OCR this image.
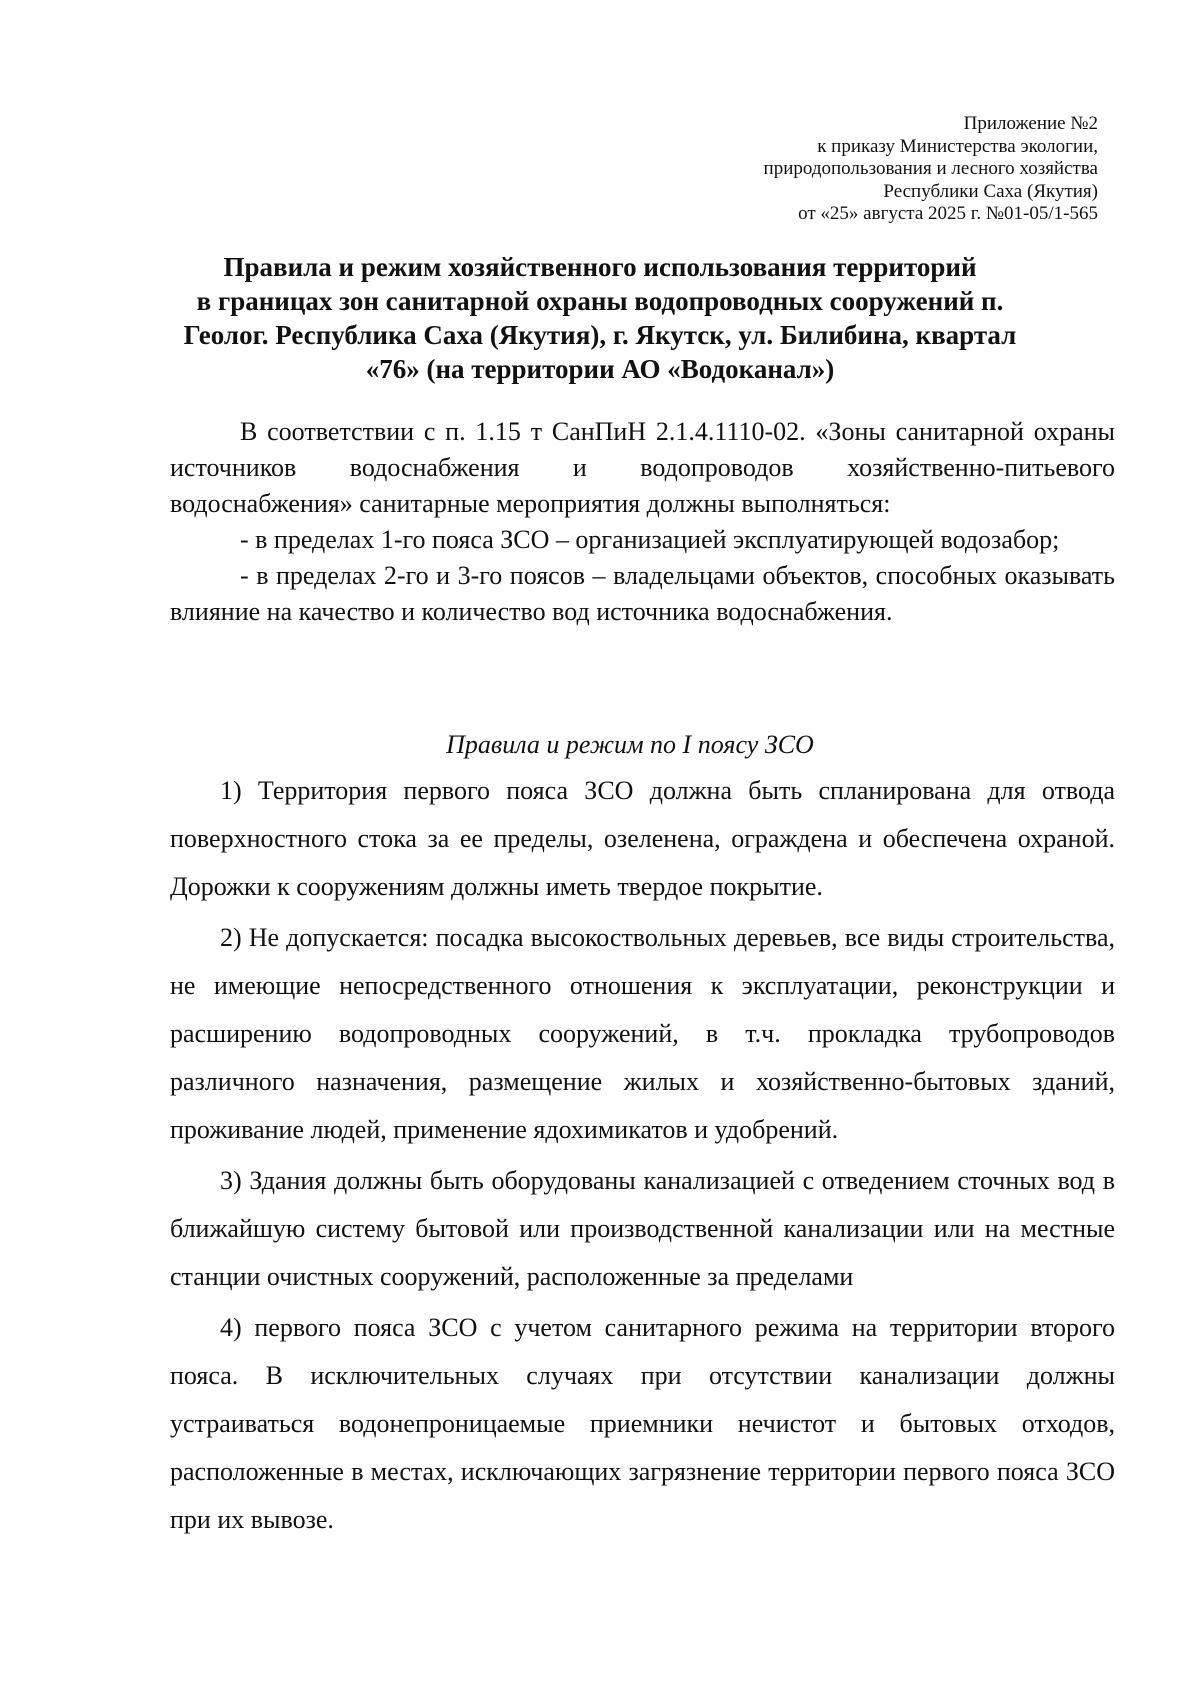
Приложение №2
к приказу Министерства экологии,
природопользования и лесного хозяйства
Республики Саха (Якутия)
от «25» августа 2025 г. №01-05/1-565
Правила и режим хозяйственного использования территорий
в границах зон санитарной охраны водопроводных сооружений п.
Геолог. Республика Саха (Якутия), г. Якутск, ул. Билибина, квартал
«76» (на территории АО «Водоканал»)

В соответствии с п. 1.15 т СанПиН 2.1.4.1110-02. «Зоны санитарной охраны источников водоснабжения и водопроводов хозяйственно-питьевого водоснабжения» санитарные мероприятия должны выполняться:

- в пределах 1-го пояса ЗСО – организацией эксплуатирующей водозабор;

- в пределах 2-го и 3-го поясов – владельцами объектов, способных оказывать влияние на качество и количество вод источника водоснабжения.

Правила и режим по I поясу ЗСО

1) Территория первого пояса ЗСО должна быть спланирована для отвода поверхностного стока за ее пределы, озеленена, ограждена и обеспечена охраной. Дорожки к сооружениям должны иметь твердое покрытие.

2) Не допускается: посадка высокоствольных деревьев, все виды строительства, не имеющие непосредственного отношения к эксплуатации, реконструкции и расширению водопроводных сооружений, в т.ч. прокладка трубопроводов различного назначения, размещение жилых и хозяйственно-бытовых зданий, проживание людей, применение ядохимикатов и удобрений.

3) Здания должны быть оборудованы канализацией с отведением сточных вод в ближайшую систему бытовой или производственной канализации или на местные станции очистных сооружений, расположенные за пределами

4) первого пояса ЗСО с учетом санитарного режима на территории второго пояса. В исключительных случаях при отсутствии канализации должны устраиваться водонепроницаемые приемники нечистот и бытовых отходов, расположенные в местах, исключающих загрязнение территории первого пояса ЗСО при их вывозе.
